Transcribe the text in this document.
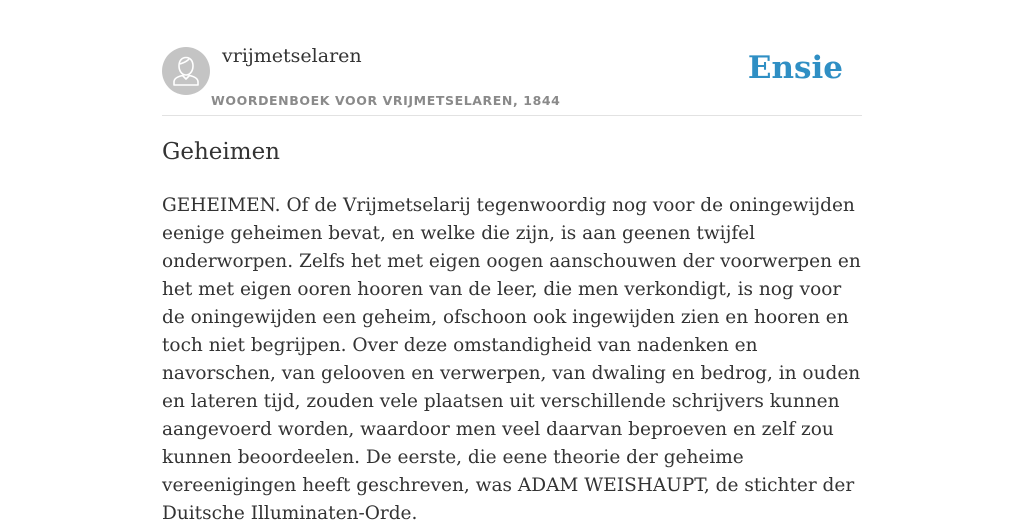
vrijmetselaren
WOORDENBOEK VOOR VRIJMETSELAREN, 1844
Ensie
Geheimen

GEHEIMEN. Of de Vrijmetselarij tegenwoordig nog voor de oningewijden eenige geheimen bevat, en welke die zijn, is aan geenen twijfel onderworpen. Zelfs het met eigen oogen aanschouwen der voorwerpen en het met eigen ooren hooren van de leer, die men verkondigt, is nog voor de oningewijden een geheim, ofschoon ook ingewijden zien en hooren en toch niet begrijpen. Over deze omstandigheid van nadenken en navorschen, van gelooven en verwerpen, van dwaling en bedrog, in ouden en lateren tijd, zouden vele plaatsen uit verschillende schrijvers kunnen aangevoerd worden, waardoor men veel daarvan beproeven en zelf zou kunnen beoordeelen. De eerste, die eene theorie der geheime vereenigingen heeft geschreven, was ADAM WEISHAUPT, de stichter der Duitsche Illuminaten-Orde.
